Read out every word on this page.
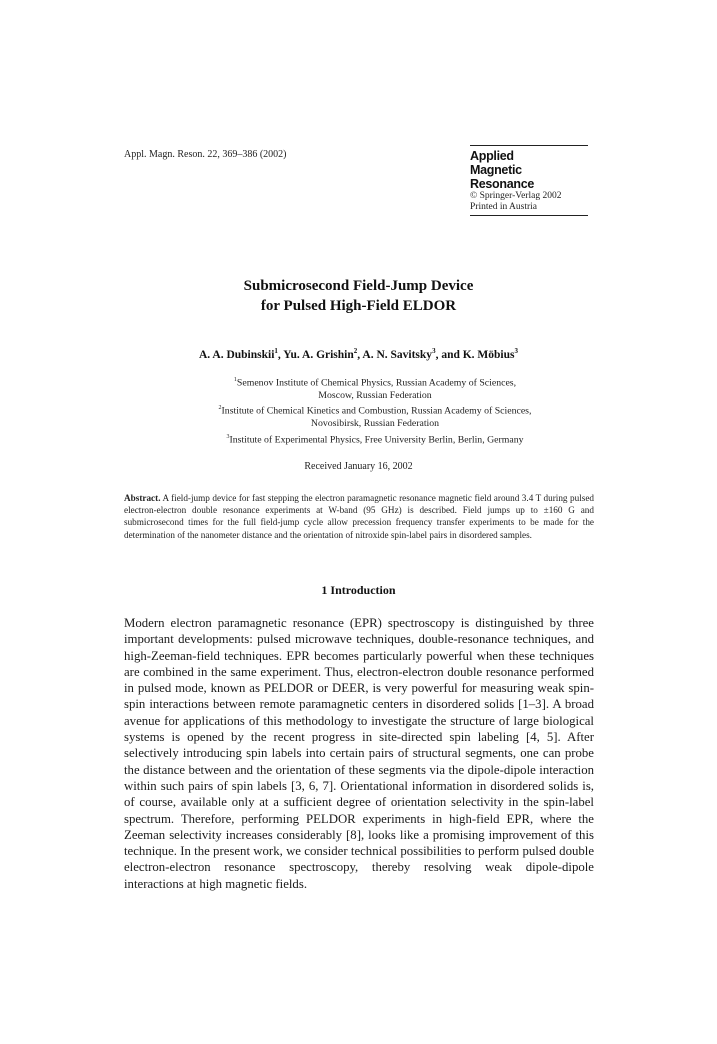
Appl. Magn. Reson. 22, 369–386 (2002)	Applied
Magnetic Resonance
© Springer-Verlag 2002
Printed in Austria
Submicrosecond Field-Jump Device
for Pulsed High-Field ELDOR
A. A. Dubinskii$^1$, Yu. A. Grishin$^2$, A. N. Savitsky$^3$, and K. Möbius$^3$
$^1$Semenov Institute of Chemical Physics, Russian Academy of Sciences,
Moscow, Russian Federation
$^2$Institute of Chemical Kinetics and Combustion, Russian Academy of Sciences,
Novosibirsk, Russian Federation
$^3$Institute of Experimental Physics, Free University Berlin, Berlin, Germany
Received January 16, 2002
Abstract. A field-jump device for fast stepping the electron paramagnetic resonance magnetic field around 3.4 T during pulsed electron-electron double resonance experiments at W-band (95 GHz) is described. Field jumps up to ±160 G and submicrosecond times for the full field-jump cycle allow precession frequency transfer experiments to be made for the determination of the nanometer distance and the orientation of nitroxide spin-label pairs in disordered samples.
1 Introduction
Modern electron paramagnetic resonance (EPR) spectroscopy is distinguished by three important developments: pulsed microwave techniques, double-resonance techniques, and high-Zeeman-field techniques. EPR becomes particularly powerful when these techniques are combined in the same experiment. Thus, electron-electron double resonance performed in pulsed mode, known as PELDOR or DEER, is very powerful for measuring weak spin-spin interactions between remote paramagnetic centers in disordered solids [1–3]. A broad avenue for applications of this methodology to investigate the structure of large biological systems is opened by the recent progress in site-directed spin labeling [4, 5]. After selectively introducing spin labels into certain pairs of structural segments, one can probe the distance between and the orientation of these segments via the dipole-dipole interaction within such pairs of spin labels [3, 6, 7]. Orientational information in disordered solids is, of course, available only at a sufficient degree of orientation selectivity in the spin-label spectrum. Therefore, performing PELDOR experiments in high-field EPR, where the Zeeman selectivity increases considerably [8], looks like a promising improvement of this technique. In the present work, we consider technical possibilities to perform pulsed double electron-electron resonance spectroscopy, thereby resolving weak dipole-dipole interactions at high magnetic fields.
